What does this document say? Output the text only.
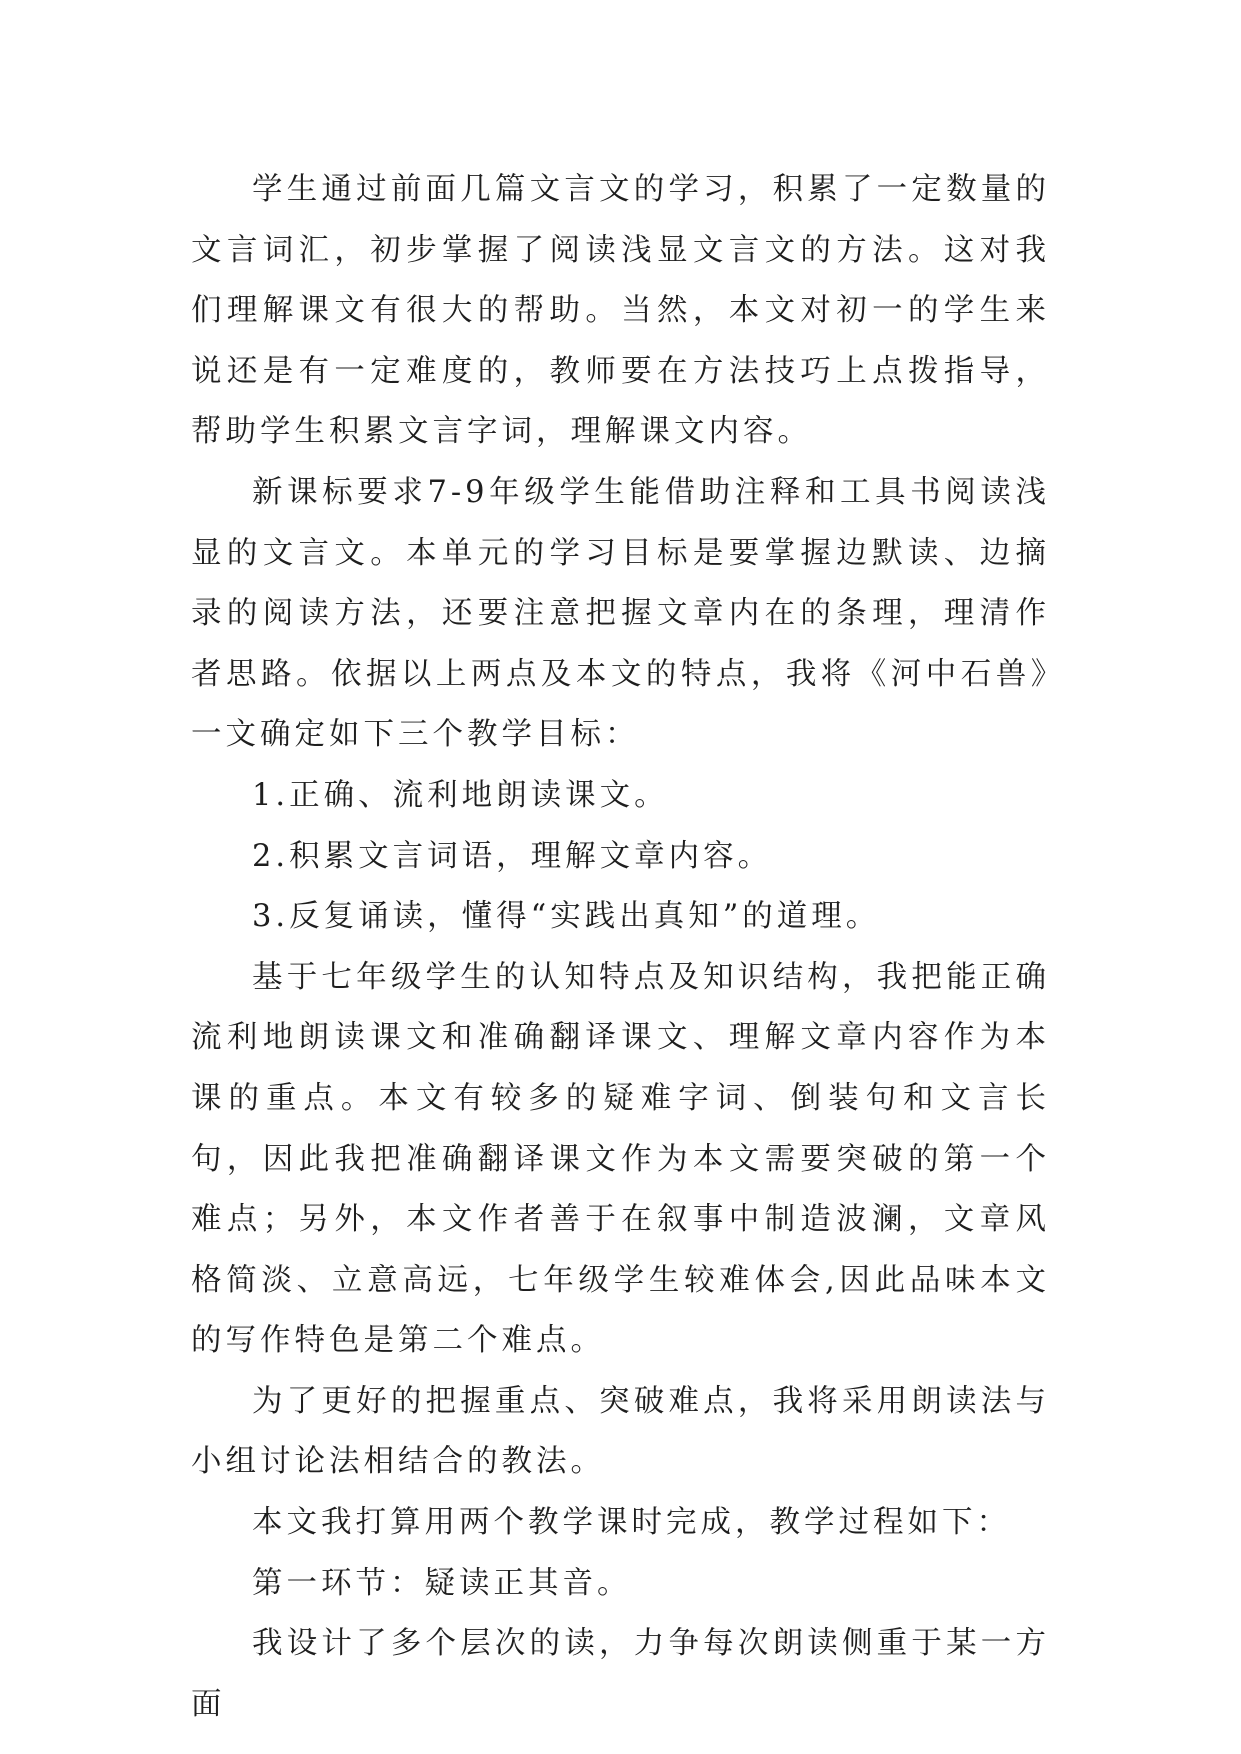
学生通过前面几篇文言文的学习，积累了一定数量的文言词汇，初步掌握了阅读浅显文言文的方法。这对我们理解课文有很大的帮助。当然，本文对初一的学生来说还是有一定难度的，教师要在方法技巧上点拨指导，帮助学生积累文言字词，理解课文内容。

新课标要求7-9年级学生能借助注释和工具书阅读浅显的文言文。本单元的学习目标是要掌握边默读、边摘录的阅读方法，还要注意把握文章内在的条理，理清作者思路。依据以上两点及本文的特点，我将《河中石兽》一文确定如下三个教学目标：

1.正确、流利地朗读课文。

2.积累文言词语，理解文章内容。

3.反复诵读，懂得“实践出真知”的道理。

基于七年级学生的认知特点及知识结构，我把能正确流利地朗读课文和准确翻译课文、理解文章内容作为本课的重点。本文有较多的疑难字词、倒装句和文言长句，因此我把准确翻译课文作为本文需要突破的第一个难点；另外，本文作者善于在叙事中制造波澜，文章风格简淡、立意高远，七年级学生较难体会,因此品味本文的写作特色是第二个难点。

为了更好的把握重点、突破难点，我将采用朗读法与小组讨论法相结合的教法。

本文我打算用两个教学课时完成，教学过程如下：

第一环节：疑读正其音。

我设计了多个层次的读，力争每次朗读侧重于某一方面
